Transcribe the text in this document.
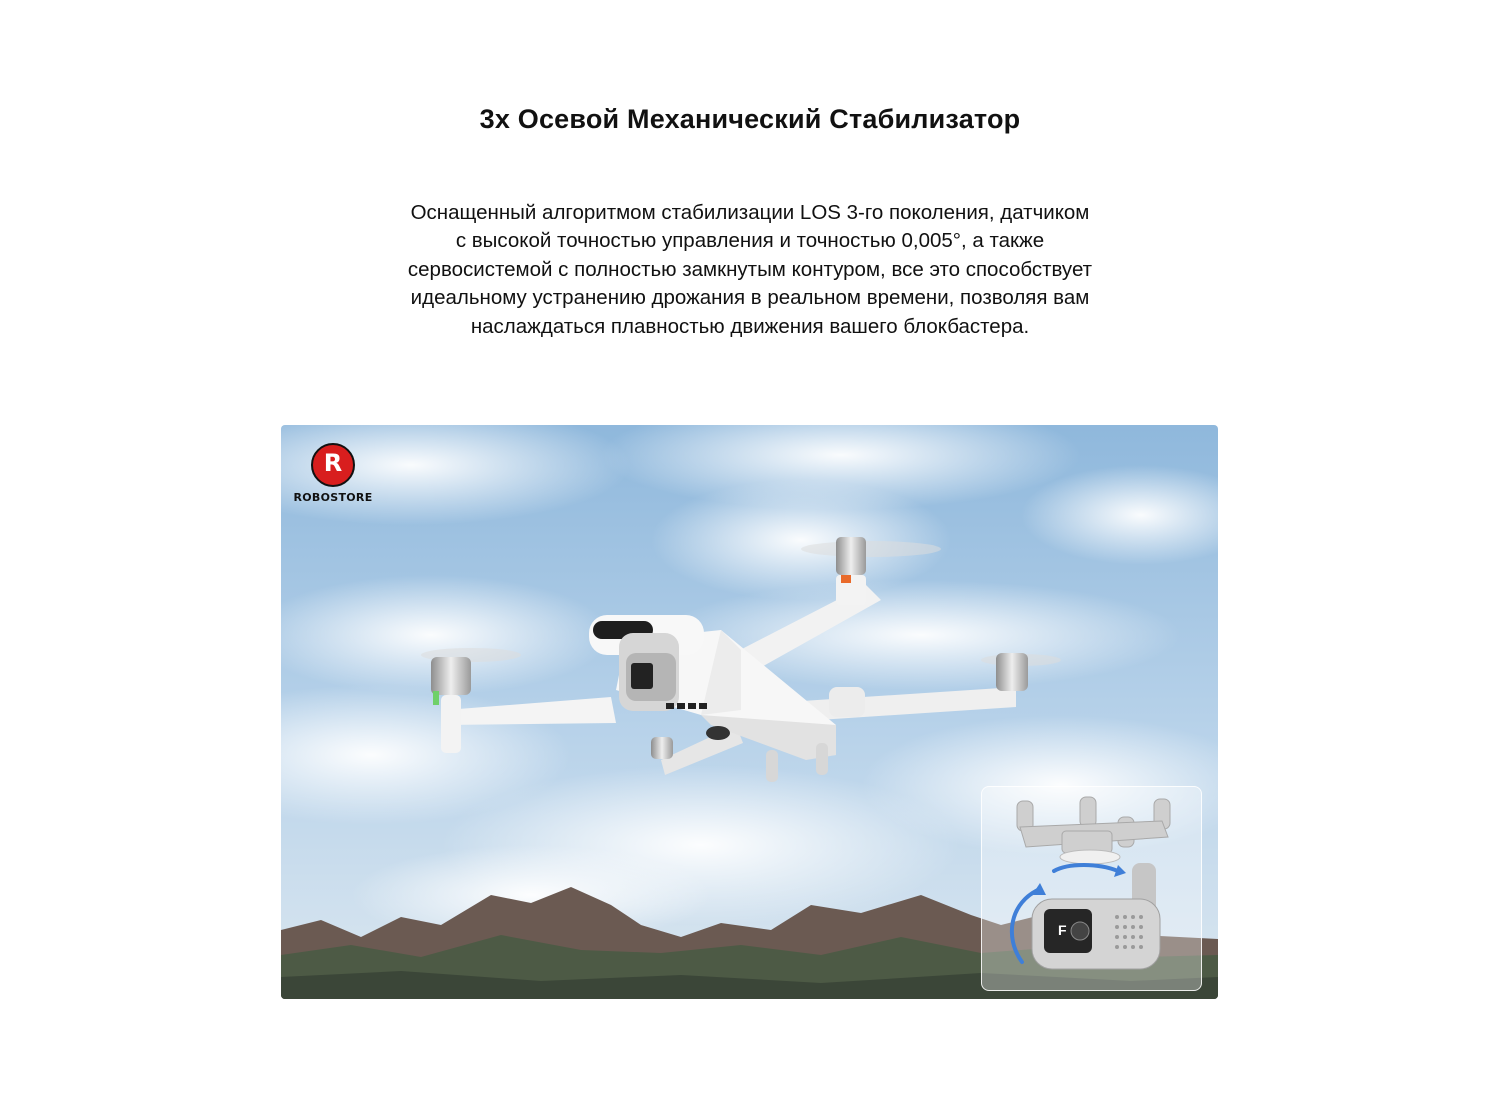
3х Осевой Механический Стабилизатор
Оснащенный алгоритмом стабилизации LOS 3-го поколения, датчиком
с высокой точностью управления и точностью 0,005°, а также
сервосистемой с полностью замкнутым контуром, все это способствует
идеальному устранению дрожания в реальном времени, позволяя вам
наслаждаться плавностью движения вашего блокбастера.
R
ROBOSTORE
F
